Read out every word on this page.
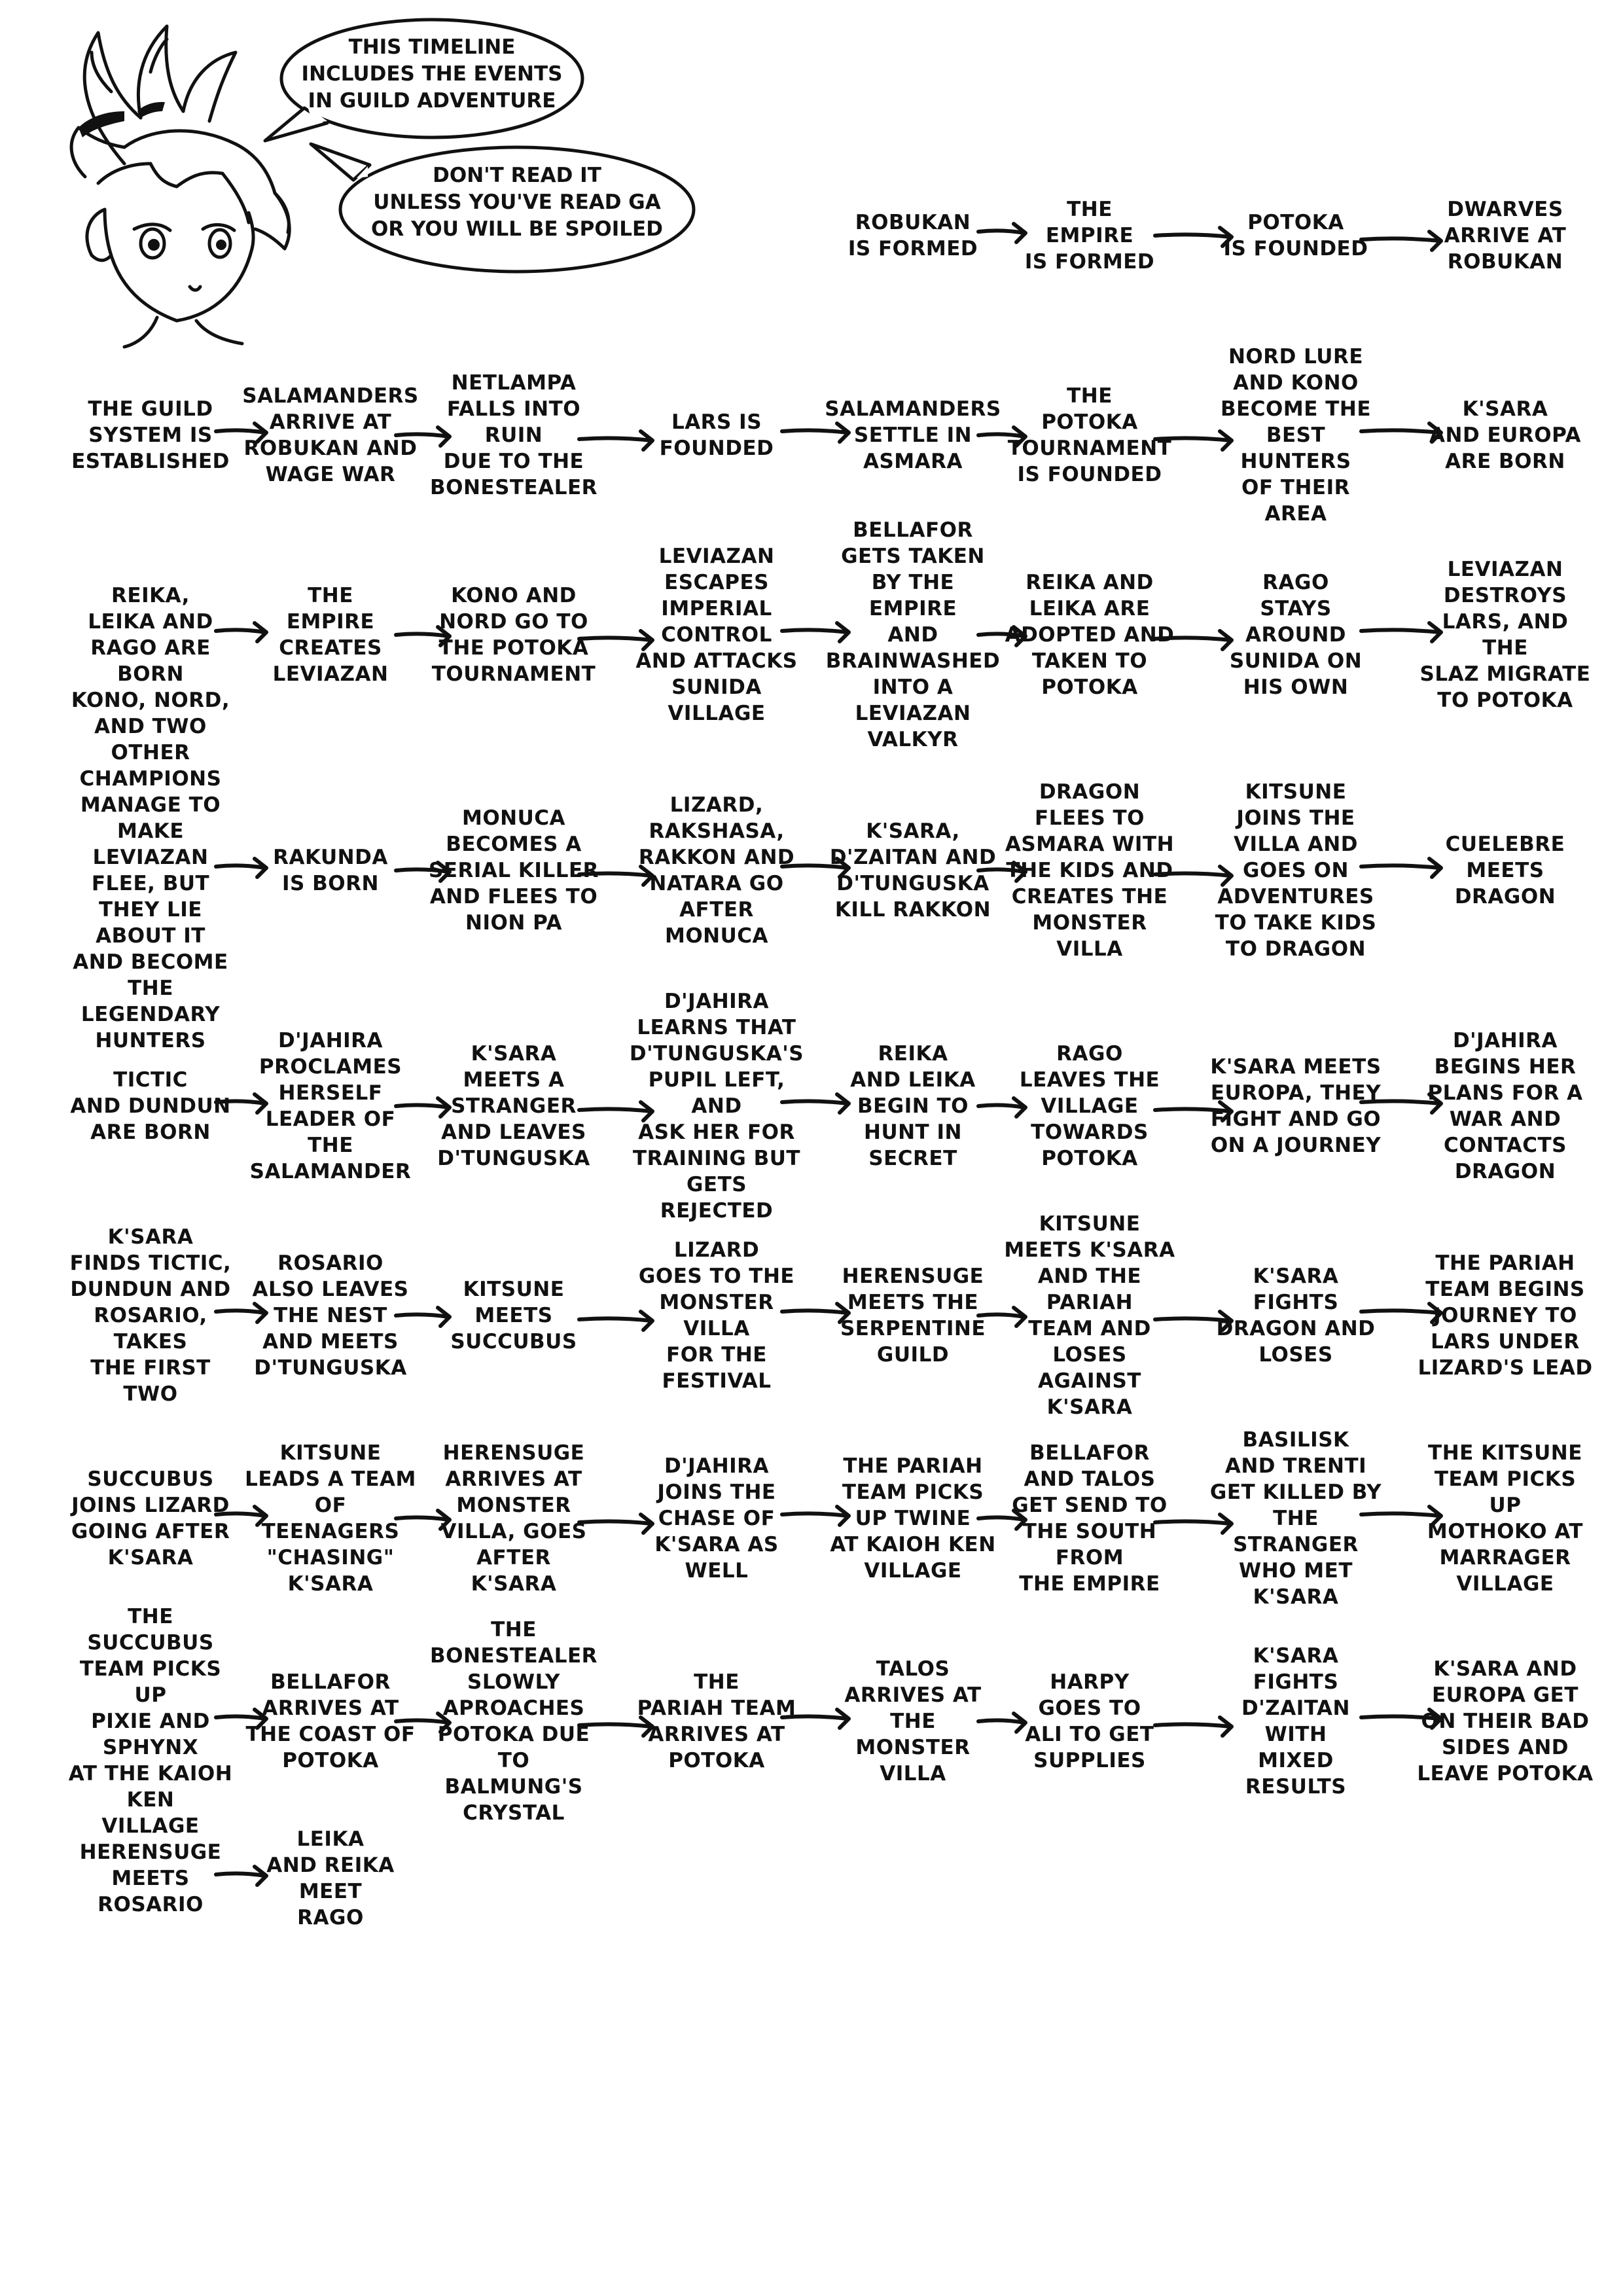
THIS TIMELINE
INCLUDES THE EVENTS
IN GUILD ADVENTURE
DON'T READ IT
UNLESS YOU'VE READ GA
OR YOU WILL BE SPOILED	ROBUKAN
IS FORMED
THE
EMPIRE
IS FORMED
POTOKA
IS FOUNDED
DWARVES
ARRIVE AT
ROBUKAN
THE GUILD
SYSTEM IS
ESTABLISHED
SALAMANDERS
ARRIVE AT
ROBUKAN AND
WAGE WAR
NETLAMPA
FALLS INTO RUIN
DUE TO THE
BONESTEALER
LARS IS
FOUNDED
SALAMANDERS
SETTLE IN
ASMARA
THE
POTOKA
TOURNAMENT
IS FOUNDED
NORD LURE
AND KONO
BECOME THE
BEST HUNTERS
OF THEIR
AREA
K'SARA
AND EUROPA
ARE BORN
REIKA,
LEIKA AND
RAGO ARE
BORN
THE
EMPIRE
CREATES
LEVIAZAN
KONO AND
NORD GO TO
THE POTOKA
TOURNAMENT
LEVIAZAN
ESCAPES
IMPERIAL
CONTROL
AND ATTACKS
SUNIDA VILLAGE
BELLAFOR
GETS TAKEN
BY THE EMPIRE
AND BRAINWASHED
INTO A LEVIAZAN
VALKYR
REIKA AND
LEIKA ARE
ADOPTED AND
TAKEN TO
POTOKA
RAGO
STAYS
AROUND
SUNIDA ON
HIS OWN
LEVIAZAN
DESTROYS
LARS, AND THE
SLAZ MIGRATE
TO POTOKA
KONO, NORD,
AND TWO OTHER
CHAMPIONS
MANAGE TO MAKE
LEVIAZAN FLEE, BUT
THEY LIE ABOUT IT
AND BECOME THE
LEGENDARY HUNTERS
RAKUNDA
IS BORN
MONUCA
BECOMES A
SERIAL KILLER
AND FLEES TO
NION PA
LIZARD,
RAKSHASA,
RAKKON AND
NATARA GO
AFTER
MONUCA
K'SARA,
D'ZAITAN AND
D'TUNGUSKA
KILL RAKKON
DRAGON
FLEES TO
ASMARA WITH
THE KIDS AND
CREATES THE
MONSTER VILLA
KITSUNE
JOINS THE
VILLA AND
GOES ON
ADVENTURES
TO TAKE KIDS
TO DRAGON
CUELEBRE
MEETS
DRAGON
TICTIC
AND DUNDUN
ARE BORN
D'JAHIRA
PROCLAMES
HERSELF
LEADER OF THE
SALAMANDER
K'SARA
MEETS A
STRANGER
AND LEAVES
D'TUNGUSKA
D'JAHIRA
LEARNS THAT
D'TUNGUSKA'S
PUPIL LEFT, AND
ASK HER FOR
TRAINING BUT
GETS REJECTED
REIKA
AND LEIKA
BEGIN TO
HUNT IN
SECRET
RAGO
LEAVES THE
VILLAGE
TOWARDS
POTOKA
K'SARA MEETS
EUROPA, THEY
FIGHT AND GO
ON A JOURNEY
D'JAHIRA
BEGINS HER
PLANS FOR A
WAR AND
CONTACTS
DRAGON
K'SARA
FINDS TICTIC,
DUNDUN AND
ROSARIO, TAKES
THE FIRST TWO
ROSARIO
ALSO LEAVES
THE NEST
AND MEETS
D'TUNGUSKA
KITSUNE
MEETS
SUCCUBUS
LIZARD
GOES TO THE
MONSTER VILLA
FOR THE
FESTIVAL
HERENSUGE
MEETS THE
SERPENTINE
GUILD
KITSUNE
MEETS K'SARA
AND THE PARIAH
TEAM AND LOSES
AGAINST K'SARA
K'SARA
FIGHTS
DRAGON AND
LOSES
THE PARIAH
TEAM BEGINS
JOURNEY TO
LARS UNDER
LIZARD'S LEAD
SUCCUBUS
JOINS LIZARD
GOING AFTER
K'SARA
KITSUNE
LEADS A TEAM
OF TEENAGERS
"CHASING"
K'SARA
HERENSUGE
ARRIVES AT
MONSTER
VILLA, GOES
AFTER
K'SARA
D'JAHIRA
JOINS THE
CHASE OF
K'SARA AS
WELL
THE PARIAH
TEAM PICKS
UP TWINE
AT KAIOH KEN
VILLAGE
BELLAFOR
AND TALOS
GET SEND TO
THE SOUTH FROM
THE EMPIRE
BASILISK
AND TRENTI
GET KILLED BY
THE STRANGER
WHO MET
K'SARA
THE KITSUNE
TEAM PICKS UP
MOTHOKO AT
MARRAGER
VILLAGE
THE SUCCUBUS
TEAM PICKS UP
PIXIE AND SPHYNX
AT THE KAIOH KEN
VILLAGE
BELLAFOR
ARRIVES AT
THE COAST OF
POTOKA
THE
BONESTEALER
SLOWLY
APROACHES
POTOKA DUE
TO BALMUNG'S
CRYSTAL
THE
PARIAH TEAM
ARRIVES AT
POTOKA
TALOS
ARRIVES AT THE
MONSTER
VILLA
HARPY
GOES TO
ALI TO GET
SUPPLIES
K'SARA FIGHTS
D'ZAITAN WITH
MIXED RESULTS
K'SARA AND
EUROPA GET
ON THEIR BAD
SIDES AND
LEAVE POTOKA
HERENSUGE
MEETS
ROSARIO
LEIKA
AND REIKA
MEET
RAGO
